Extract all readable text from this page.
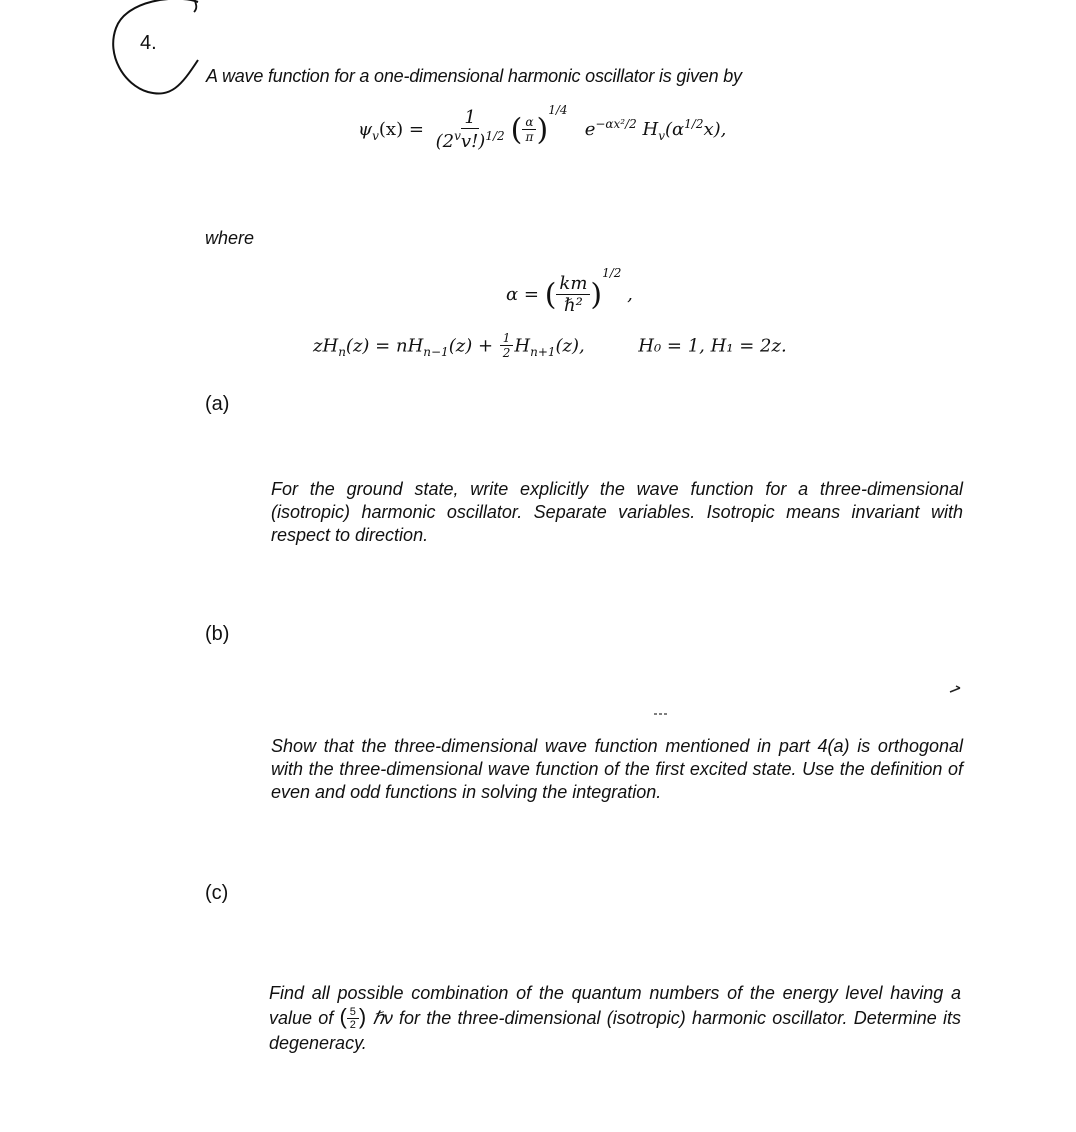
4.
A wave function for a one-dimensional harmonic oscillator is given by
$\psi_v(x) = \frac{1}{(2^vv!)^{1/2}}$ ( $\frac{\alpha}{\pi} )^{1/4}$   $e^{-\alpha x^2/2}$ $H_v(\alpha^{1/2}x)$,
where
α = ( $\frac{km}{\text{ℏ²}} )^{1/2}$ ,
$zH_n(z) = nH_{n-1}(z) + \frac{1}{2} H_{n+1}(z)$,	H₀ = 1, H₁ = 2z.
(a)
For the ground state, write explicitly the wave function for a three-dimensional (isotropic) harmonic oscillator. Separate variables. Isotropic means invariant with respect to direction.
(b)
Show that the three-dimensional wave function mentioned in part 4(a) is orthogonal with the three-dimensional wave function of the first excited state. Use the definition of even and odd functions in solving the integration.
(c)
Find all possible combination of the quantum numbers of the energy level having a value of ( $\frac{5}{2}$ ) ℏν for the three-dimensional (isotropic) harmonic oscillator. Determine its degeneracy.
